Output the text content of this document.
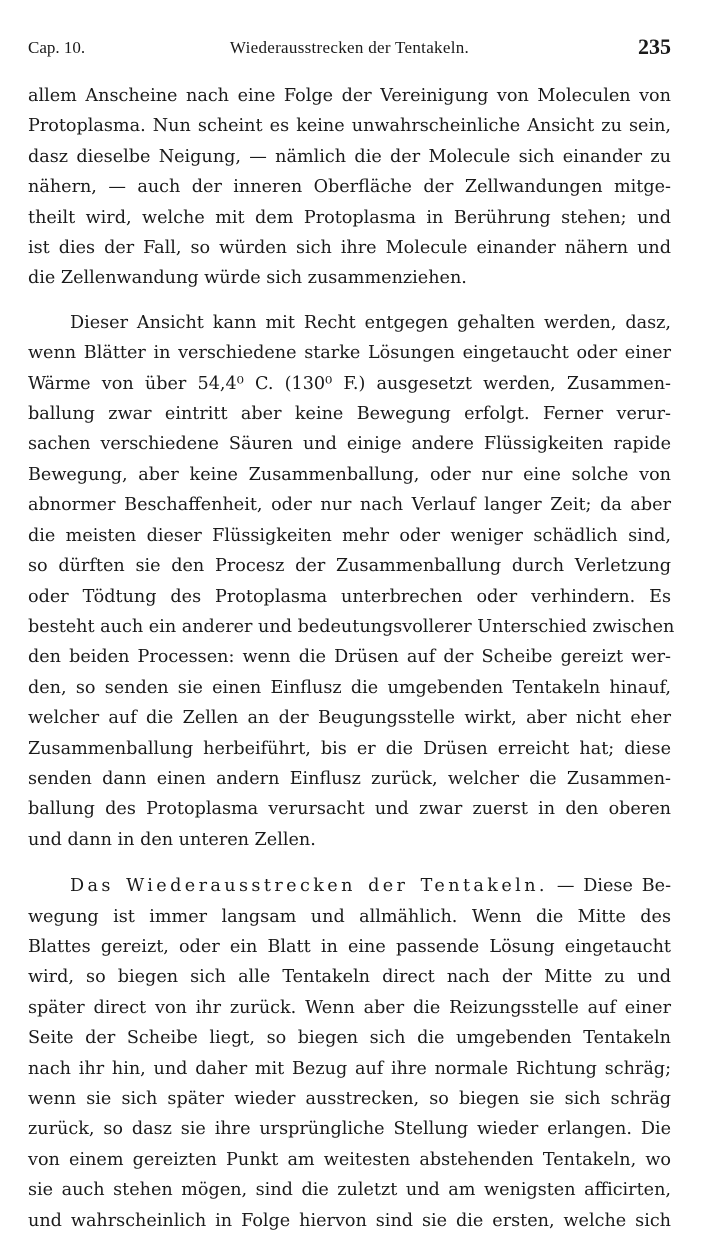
Cap. 10.	Wiederausstrecken der Tentakeln.	235

allem Anscheine nach eine Folge der Vereinigung von Moleculen von
Protoplasma. Nun scheint es keine unwahrscheinliche Ansicht zu sein,
dasz dieselbe Neigung, — nämlich die der Molecule sich einander zu
nähern, — auch der inneren Oberfläche der Zellwandungen mitge-
theilt wird, welche mit dem Protoplasma in Berührung stehen; und
ist dies der Fall, so würden sich ihre Molecule einander nähern und
die Zellenwandung würde sich zusammenziehen.

Dieser Ansicht kann mit Recht entgegen gehalten werden, dasz,
wenn Blätter in verschiedene starke Lösungen eingetaucht oder einer
Wärme von über 54,4⁰ C. (130⁰ F.) ausgesetzt werden, Zusammen-
ballung zwar eintritt aber keine Bewegung erfolgt. Ferner verur-
sachen verschiedene Säuren und einige andere Flüssigkeiten rapide
Bewegung, aber keine Zusammenballung, oder nur eine solche von
abnormer Beschaffenheit, oder nur nach Verlauf langer Zeit; da aber
die meisten dieser Flüssigkeiten mehr oder weniger schädlich sind,
so dürften sie den Procesz der Zusammenballung durch Verletzung
oder Tödtung des Protoplasma unterbrechen oder verhindern. Es
besteht auch ein anderer und bedeutungsvollerer Unterschied zwischen
den beiden Processen: wenn die Drüsen auf der Scheibe gereizt wer-
den, so senden sie einen Einflusz die umgebenden Tentakeln hinauf,
welcher auf die Zellen an der Beugungsstelle wirkt, aber nicht eher
Zusammenballung herbeiführt, bis er die Drüsen erreicht hat; diese
senden dann einen andern Einflusz zurück, welcher die Zusammen-
ballung des Protoplasma verursacht und zwar zuerst in den oberen
und dann in den unteren Zellen.

Das Wiederausstrecken der Tentakeln. — Diese Be-
wegung ist immer langsam und allmählich. Wenn die Mitte des
Blattes gereizt, oder ein Blatt in eine passende Lösung eingetaucht
wird, so biegen sich alle Tentakeln direct nach der Mitte zu und
später direct von ihr zurück. Wenn aber die Reizungsstelle auf einer
Seite der Scheibe liegt, so biegen sich die umgebenden Tentakeln
nach ihr hin, und daher mit Bezug auf ihre normale Richtung schräg;
wenn sie sich später wieder ausstrecken, so biegen sie sich schräg
zurück, so dasz sie ihre ursprüngliche Stellung wieder erlangen. Die
von einem gereizten Punkt am weitesten abstehenden Tentakeln, wo
sie auch stehen mögen, sind die zuletzt und am wenigsten afficirten,
und wahrscheinlich in Folge hiervon sind sie die ersten, welche sich
